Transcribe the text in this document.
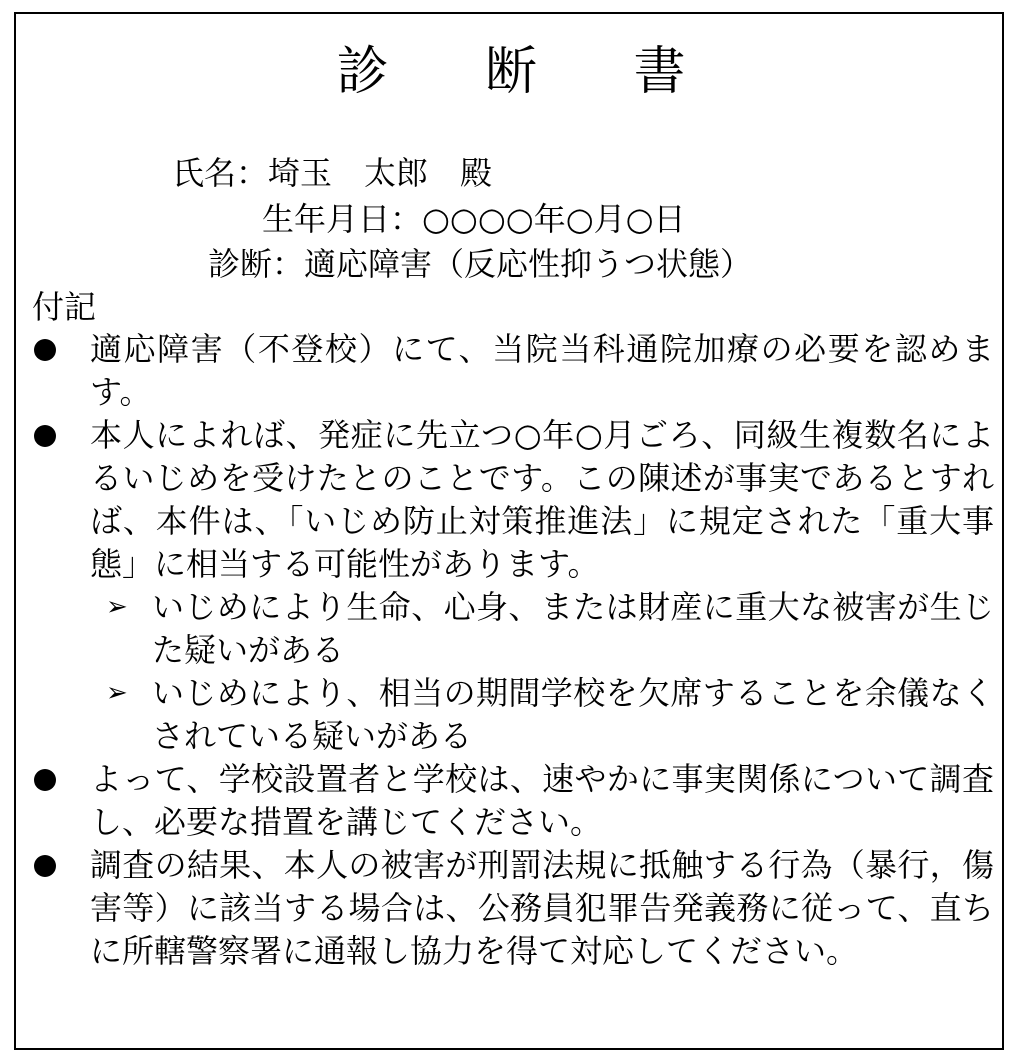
診 断 書
氏名：埼玉　太郎　殿
生年月日：○○○○年○月○日
診断：適応障害（反応性抑うつ状態）
付記
適応障害（不登校）にて、当院当科通院加療の必要を認めます。
本人によれば、発症に先立つ○年○月ごろ、同級生複数名によるいじめを受けたとのことです。この陳述が事実であるとすれば、本件は、「いじめ防止対策推進法」に規定された「重大事態」に相当する可能性があります。
➢ いじめにより生命、心身、または財産に重大な被害が生じた疑いがある
➢ いじめにより、相当の期間学校を欠席することを余儀なくされている疑いがある
よって、学校設置者と学校は、速やかに事実関係について調査し、必要な措置を講じてください。
調査の結果、本人の被害が刑罰法規に抵触する行為（暴行，傷害等）に該当する場合は、公務員犯罪告発義務に従って、直ちに所轄警察署に通報し協力を得て対応してください。
